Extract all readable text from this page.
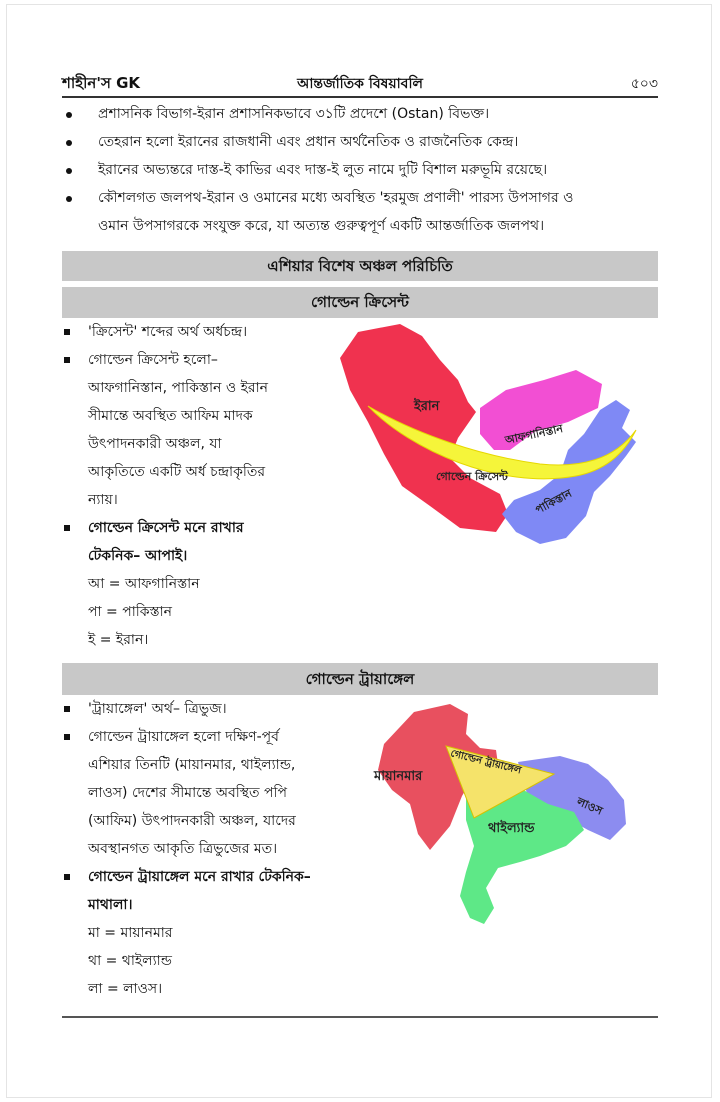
শাহীন'স GK	আন্তর্জাতিক বিষয়াবলি	৫০৩
প্রশাসনিক বিভাগ-ইরান প্রশাসনিকভাবে ৩১টি প্রদেশে (Ostan) বিভক্ত।
তেহরান হলো ইরানের রাজধানী এবং প্রধান অর্থনৈতিক ও রাজনৈতিক কেন্দ্র।
ইরানের অভ্যন্তরে দাস্ত-ই কাভির এবং দাস্ত-ই লুত নামে দুটি বিশাল মরুভূমি রয়েছে।
কৌশলগত জলপথ-ইরান ও ওমানের মধ্যে অবস্থিত 'হরমুজ প্রণালী' পারস্য উপসাগর ও
ওমান উপসাগরকে সংযুক্ত করে, যা অত্যন্ত গুরুত্বপূর্ণ একটি আন্তর্জাতিক জলপথ।
এশিয়ার বিশেষ অঞ্চল পরিচিতি
গোল্ডেন ক্রিসেন্ট
'ক্রিসেন্ট' শব্দের অর্থ অর্ধচন্দ্র।
গোল্ডেন ক্রিসেন্ট হলো–
আফগানিস্তান, পাকিস্তান ও ইরান
সীমান্তে অবস্থিত আফিম মাদক
উৎপাদনকারী অঞ্চল, যা
আকৃতিতে একটি অর্ধ চন্দ্রাকৃতির
ন্যায়।
গোল্ডেন ক্রিসেন্ট মনে রাখার
টেকনিক– আপাই।
আ = আফগানিস্তান
পা = পাকিস্তান
ই = ইরান।
ইরান
আফগানিস্তান
গোল্ডেন ক্রিসেন্ট
পাকিস্তান
গোল্ডেন ট্রায়াঙ্গেল
'ট্রায়াঙ্গেল' অর্থ– ত্রিভুজ।
গোল্ডেন ট্রায়াঙ্গেল হলো দক্ষিণ-পূর্ব
এশিয়ার তিনটি (মায়ানমার, থাইল্যান্ড,
লাওস) দেশের সীমান্তে অবস্থিত পপি
(আফিম) উৎপাদনকারী অঞ্চল, যাদের
অবস্থানগত আকৃতি ত্রিভুজের মত।
গোল্ডেন ট্রায়াঙ্গেল মনে রাখার টেকনিক–
মাথালা।
মা = মায়ানমার
থা = থাইল্যান্ড
লা = লাওস।
মায়ানমার
গোল্ডেন ট্রায়াঙ্গেল
লাওস
থাইল্যান্ড
